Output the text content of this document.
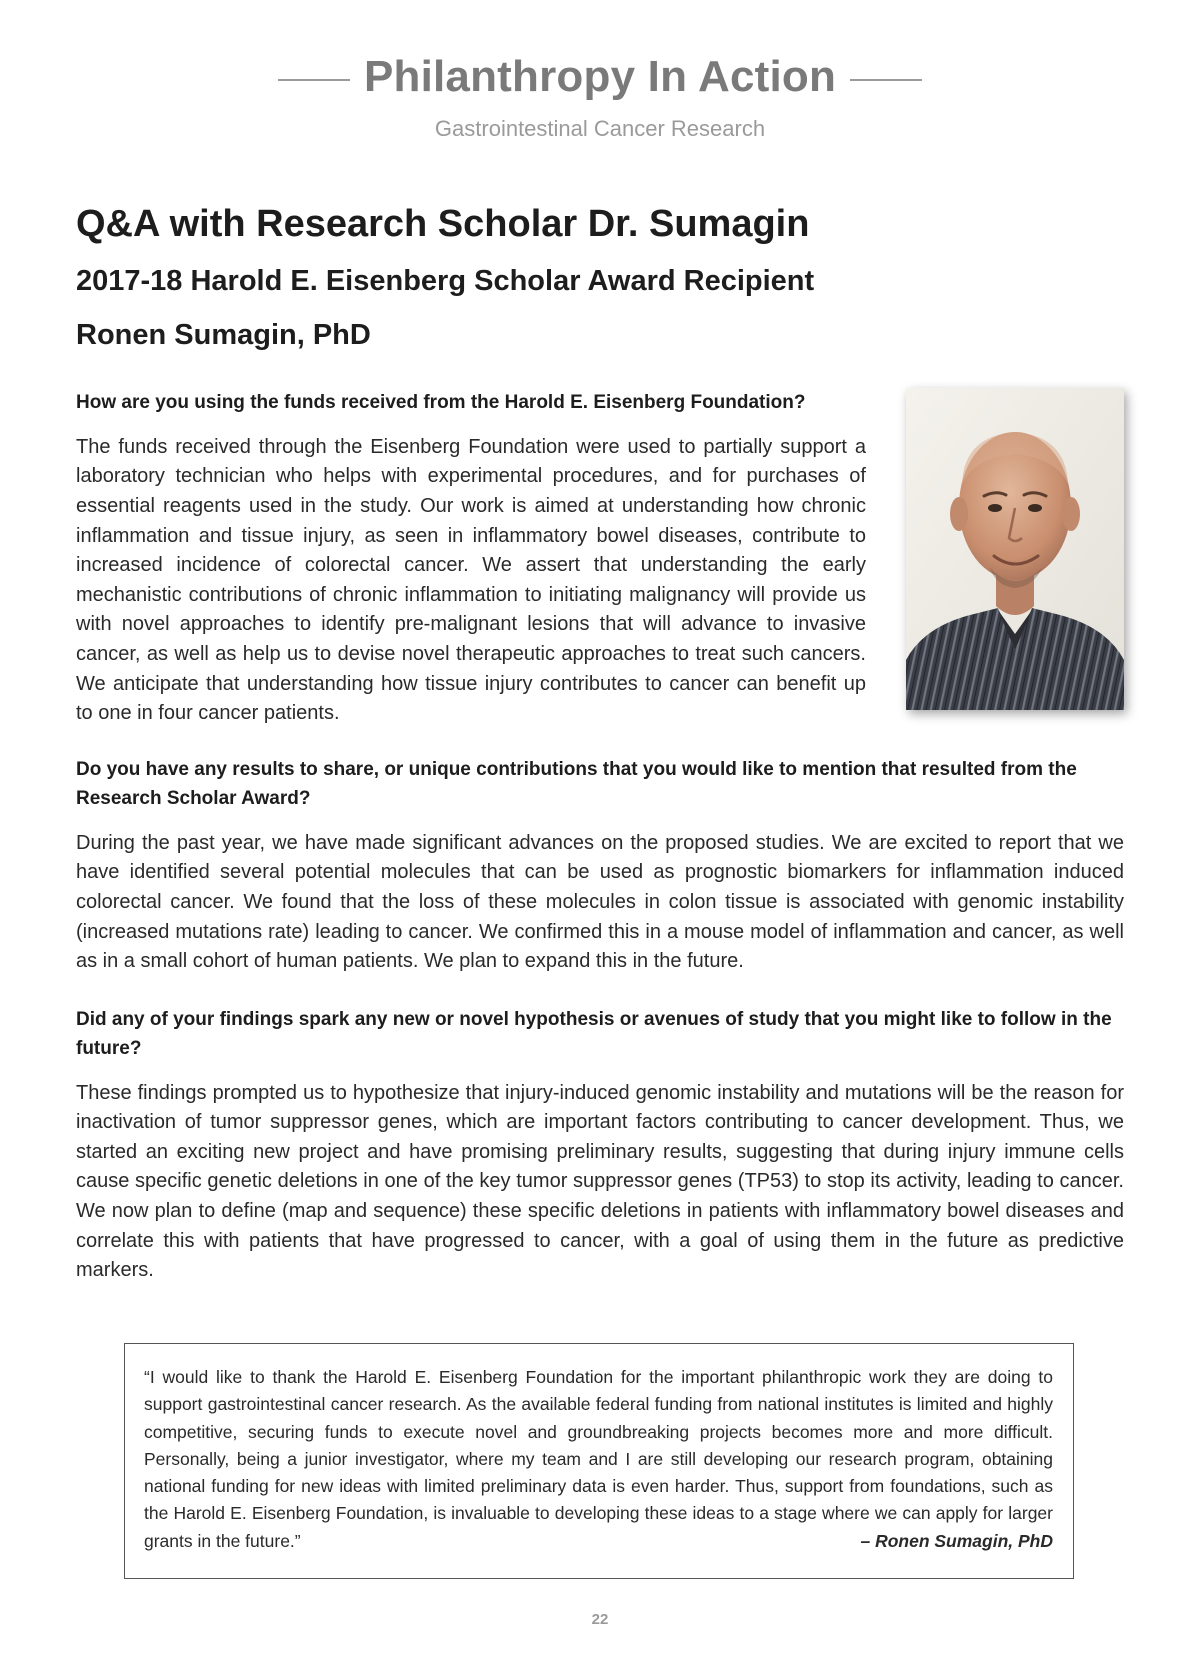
Philanthropy In Action
Gastrointestinal Cancer Research
Q&A with Research Scholar Dr. Sumagin
2017-18 Harold E. Eisenberg Scholar Award Recipient
Ronen Sumagin, PhD

How are you using the funds received from the Harold E. Eisenberg Foundation?

The funds received through the Eisenberg Foundation were used to partially support a laboratory technician who helps with experimental procedures, and for purchases of essential reagents used in the study. Our work is aimed at understanding how chronic inflammation and tissue injury, as seen in inflammatory bowel diseases, contribute to increased incidence of colorectal cancer. We assert that understanding the early mechanistic contributions of chronic inflammation to initiating malignancy will provide us with novel approaches to identify pre-malignant lesions that will advance to invasive cancer, as well as help us to devise novel therapeutic approaches to treat such cancers. We anticipate that understanding how tissue injury contributes to cancer can benefit up to one in four cancer patients.

Do you have any results to share, or unique contributions that you would like to mention that resulted from the Research Scholar Award?

During the past year, we have made significant advances on the proposed studies. We are excited to report that we have identified several potential molecules that can be used as prognostic biomarkers for inflammation induced colorectal cancer. We found that the loss of these molecules in colon tissue is associated with genomic instability (increased mutations rate) leading to cancer. We confirmed this in a mouse model of inflammation and cancer, as well as in a small cohort of human patients. We plan to expand this in the future.

Did any of your findings spark any new or novel hypothesis or avenues of study that you might like to follow in the future?

These findings prompted us to hypothesize that injury-induced genomic instability and mutations will be the reason for inactivation of tumor suppressor genes, which are important factors contributing to cancer development. Thus, we started an exciting new project and have promising preliminary results, suggesting that during injury immune cells cause specific genetic deletions in one of the key tumor suppressor genes (TP53) to stop its activity, leading to cancer. We now plan to define (map and sequence) these specific deletions in patients with inflammatory bowel diseases and correlate this with patients that have progressed to cancer, with a goal of using them in the future as predictive markers.

“I would like to thank the Harold E. Eisenberg Foundation for the important philanthropic work they are doing to support gastrointestinal cancer research. As the available federal funding from national institutes is limited and highly competitive, securing funds to execute novel and groundbreaking projects becomes more and more difficult. Personally, being a junior investigator, where my team and I are still developing our research program, obtaining national funding for new ideas with limited preliminary data is even harder. Thus, support from foundations, such as the Harold E. Eisenberg Foundation, is invaluable to developing these ideas to a stage where we can apply for larger grants in the future.”	– Ronen Sumagin, PhD

22
